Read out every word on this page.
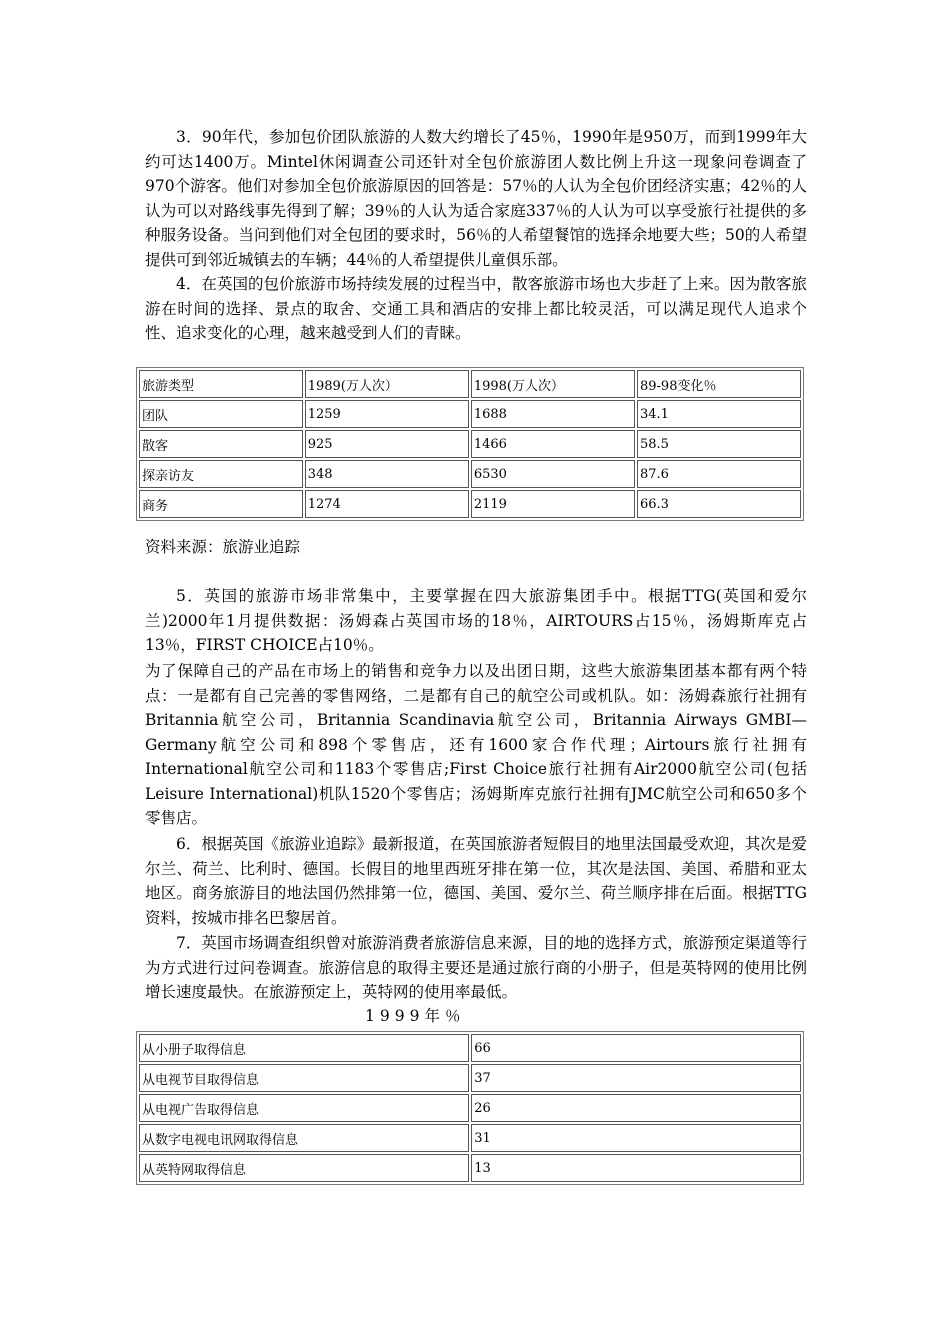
3．90年代，参加包价团队旅游的人数大约增长了45％，1990年是950万，而到1999年大约可达1400万。Mintel休闲调查公司还针对全包价旅游团人数比例上升这一现象问卷调查了970个游客。他们对参加全包价旅游原因的回答是：57％的人认为全包价团经济实惠；42％的人认为可以对路线事先得到了解；39％的人认为适合家庭337％的人认为可以享受旅行社提供的多种服务设备。当问到他们对全包团的要求时，56％的人希望餐馆的选择余地要大些；50的人希望提供可到邻近城镇去的车辆；44％的人希望提供儿童俱乐部。

4．在英国的包价旅游市场持续发展的过程当中，散客旅游市场也大步赶了上来。因为散客旅游在时间的选择、景点的取舍、交通工具和酒店的安排上都比较灵活，可以满足现代人追求个性、追求变化的心理，越来越受到人们的青睐。

旅游类型	1989(万人次）	1998(万人次）	89-98变化％
团队	1259	1688	34.1
散客	925	1466	58.5
探亲访友	348	6530	87.6
商务	1274	2119	66.3
资料来源：旅游业追踪

5．英国的旅游市场非常集中，主要掌握在四大旅游集团手中。根据TTG(英国和爱尔兰)2000年1月提供数据：汤姆森占英国市场的18％，AIRTOURS占15％，汤姆斯库克占13％，FIRST CHOICE占10％。

为了保障自己的产品在市场上的销售和竞争力以及出团日期，这些大旅游集团基本都有两个特点：一是都有自己完善的零售网络，二是都有自己的航空公司或机队。如：汤姆森旅行社拥有Britannia航空公司，Britannia Scandinavia航空公司，Britannia Airways GMBI—Germany航空公司和898个零售店，还有1600家合作代理；Airtours旅行社拥有International航空公司和1183个零售店;First Choice旅行社拥有Air2000航空公司(包括Leisure International)机队1520个零售店；汤姆斯库克旅行社拥有JMC航空公司和650多个零售店。

6．根据英国《旅游业追踪》最新报道，在英国旅游者短假目的地里法国最受欢迎，其次是爱尔兰、荷兰、比利时、德国。长假目的地里西班牙排在第一位，其次是法国、美国、希腊和亚太地区。商务旅游目的地法国仍然排第一位，德国、美国、爱尔兰、荷兰顺序排在后面。根据TTG资料，按城市排名巴黎居首。

7．英国市场调查组织曾对旅游消费者旅游信息来源，目的地的选择方式，旅游预定渠道等行为方式进行过问卷调查。旅游信息的取得主要还是通过旅行商的小册子，但是英特网的使用比例增长速度最快。在旅游预定上，英特网的使用率最低。

1999年％
从小册子取得信息	66
从电视节目取得信息	37
从电视广告取得信息	26
从数字电视电讯网取得信息	31
从英特网取得信息	13
